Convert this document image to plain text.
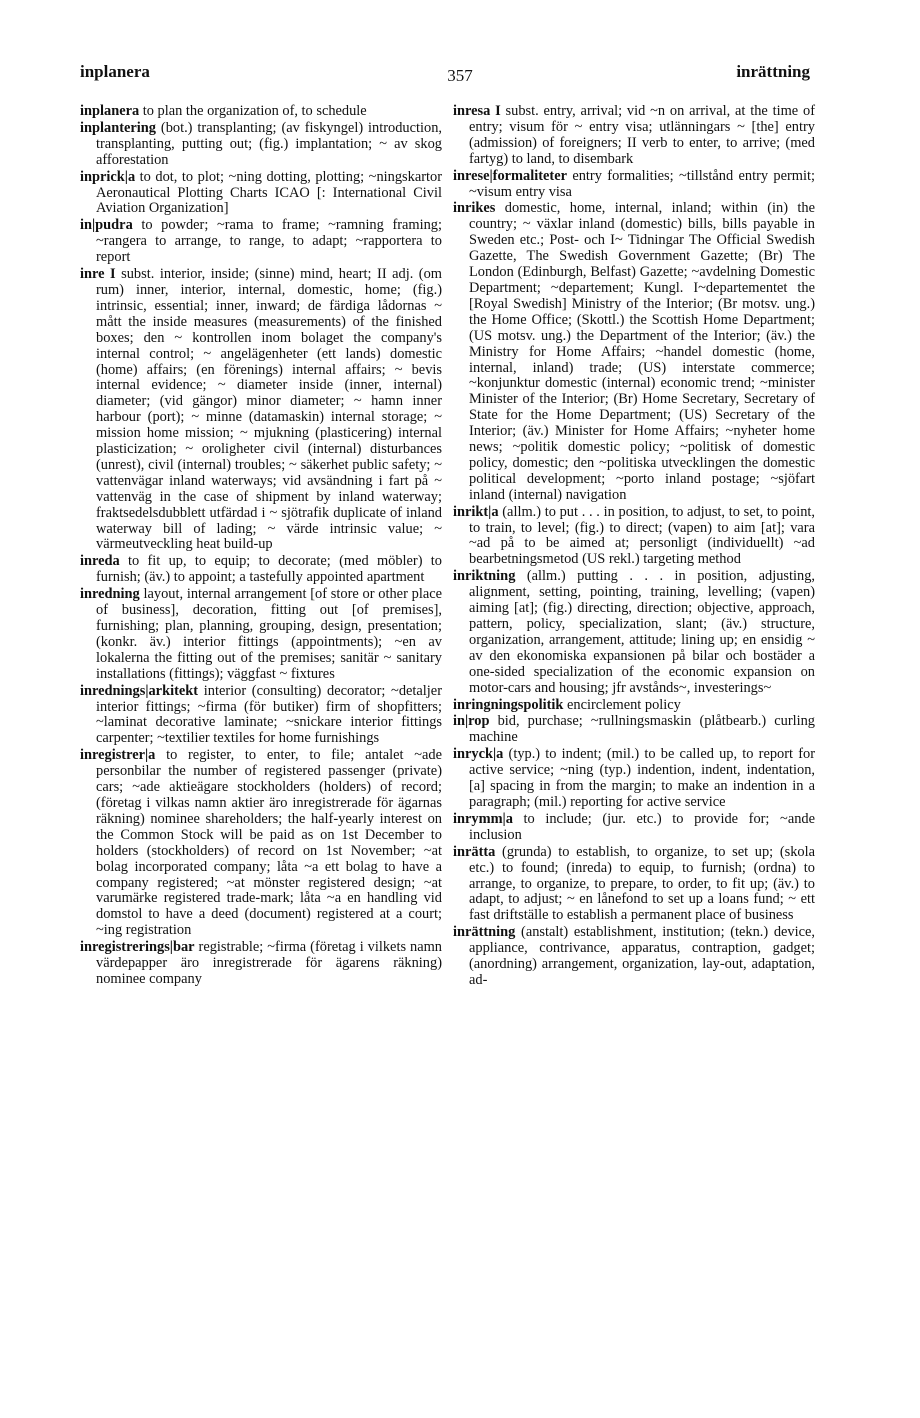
inplanera	357	inrättning

inplanera to plan the organization of, to schedule

inplantering (bot.) transplanting; (av fiskyngel) introduction, transplanting, putting out; (fig.) implantation; ~ av skog afforestation

inprick|a to dot, to plot; ~ning dotting, plotting; ~ningskartor Aeronautical Plotting Charts ICAO [: International Civil Aviation Organization]

in|pudra to powder; ~rama to frame; ~ramning framing; ~rangera to arrange, to range, to adapt; ~rapportera to report

inre I subst. interior, inside; (sinne) mind, heart; II adj. (om rum) inner, interior, internal, domestic, home; (fig.) intrinsic, essential; inner, inward; de färdiga lådornas ~ mått the inside measures (measurements) of the finished boxes; den ~ kontrollen inom bolaget the company's internal control; ~ angelägenheter (ett lands) domestic (home) affairs; (en förenings) internal affairs; ~ bevis internal evidence; ~ diameter inside (inner, internal) diameter; (vid gängor) minor diameter; ~ hamn inner harbour (port); ~ minne (datamaskin) internal storage; ~ mission home mission; ~ mjukning (plasticering) internal plasticization; ~ oroligheter civil (internal) disturbances (unrest), civil (internal) troubles; ~ säkerhet public safety; ~ vattenvägar inland waterways; vid avsändning i fart på ~ vattenväg in the case of shipment by inland waterway; fraktsedelsdubblett utfärdad i ~ sjötrafik duplicate of inland waterway bill of lading; ~ värde intrinsic value; ~ värmeutveckling heat build-up

inreda to fit up, to equip; to decorate; (med möbler) to furnish; (äv.) to appoint; a tastefully appointed apartment

inredning layout, internal arrangement [of store or other place of business], decoration, fitting out [of premises], furnishing; plan, planning, grouping, design, presentation; (konkr. äv.) interior fittings (appointments); ~en av lokalerna the fitting out of the premises; sanitär ~ sanitary installations (fittings); väggfast ~ fixtures

inrednings|arkitekt interior (consulting) decorator; ~detaljer interior fittings; ~firma (för butiker) firm of shopfitters; ~laminat decorative laminate; ~snickare interior fittings carpenter; ~textilier textiles for home furnishings

inregistrer|a to register, to enter, to file; antalet ~ade personbilar the number of registered passenger (private) cars; ~ade aktieägare stockholders (holders) of record; (företag i vilkas namn aktier äro inregistrerade för ägarnas räkning) nominee shareholders; the half-yearly interest on the Common Stock will be paid as on 1st December to holders (stockholders) of record on 1st November; ~at bolag incorporated company; låta ~a ett bolag to have a company registered; ~at mönster registered design; ~at varumärke registered trade-mark; låta ~a en handling vid domstol to have a deed (document) registered at a court; ~ing registration

inregistrerings|bar registrable; ~firma (företag i vilkets namn värdepapper äro inregistrerade för ägarens räkning) nominee company

inresa I subst. entry, arrival; vid ~n on arrival, at the time of entry; visum för ~ entry visa; utlänningars ~ [the] entry (admission) of foreigners; II verb to enter, to arrive; (med fartyg) to land, to disembark

inrese|formaliteter entry formalities; ~tillstånd entry permit; ~visum entry visa

inrikes domestic, home, internal, inland; within (in) the country; ~ växlar inland (domestic) bills, bills payable in Sweden etc.; Post- och I~ Tidningar The Official Swedish Gazette, The Swedish Government Gazette; (Br) The London (Edinburgh, Belfast) Gazette; ~avdelning Domestic Department; ~departement; Kungl. I~departementet the [Royal Swedish] Ministry of the Interior; (Br motsv. ung.) the Home Office; (Skottl.) the Scottish Home Department; (US motsv. ung.) the Department of the Interior; (äv.) the Ministry for Home Affairs; ~handel domestic (home, internal, inland) trade; (US) interstate commerce; ~konjunktur domestic (internal) economic trend; ~minister Minister of the Interior; (Br) Home Secretary, Secretary of State for the Home Department; (US) Secretary of the Interior; (äv.) Minister for Home Affairs; ~nyheter home news; ~politik domestic policy; ~politisk of domestic policy, domestic; den ~politiska utvecklingen the domestic political development; ~porto inland postage; ~sjöfart inland (internal) navigation

inrikt|a (allm.) to put . . . in position, to adjust, to set, to point, to train, to level; (fig.) to direct; (vapen) to aim [at]; vara ~ad på to be aimed at; personligt (individuellt) ~ad bearbetningsmetod (US rekl.) targeting method

inriktning (allm.) putting . . . in position, adjusting, alignment, setting, pointing, training, levelling; (vapen) aiming [at]; (fig.) directing, direction; objective, approach, pattern, policy, specialization, slant; (äv.) structure, organization, arrangement, attitude; lining up; en ensidig ~ av den ekonomiska expansionen på bilar och bostäder a one-sided specialization of the economic expansion on motor-cars and housing; jfr avstånds~, investerings~

inringningspolitik encirclement policy

in|rop bid, purchase; ~rullningsmaskin (plåtbearb.) curling machine

inryck|a (typ.) to indent; (mil.) to be called up, to report for active service; ~ning (typ.) indention, indent, indentation, [a] spacing in from the margin; to make an indention in a paragraph; (mil.) reporting for active service

inrymm|a to include; (jur. etc.) to provide for; ~ande inclusion

inrätta (grunda) to establish, to organize, to set up; (skola etc.) to found; (inreda) to equip, to furnish; (ordna) to arrange, to organize, to prepare, to order, to fit up; (äv.) to adapt, to adjust; ~ en lånefond to set up a loans fund; ~ ett fast driftställe to establish a permanent place of business

inrättning (anstalt) establishment, institution; (tekn.) device, appliance, contrivance, apparatus, contraption, gadget; (anordning) arrangement, organization, lay-out, adaptation, ad-
